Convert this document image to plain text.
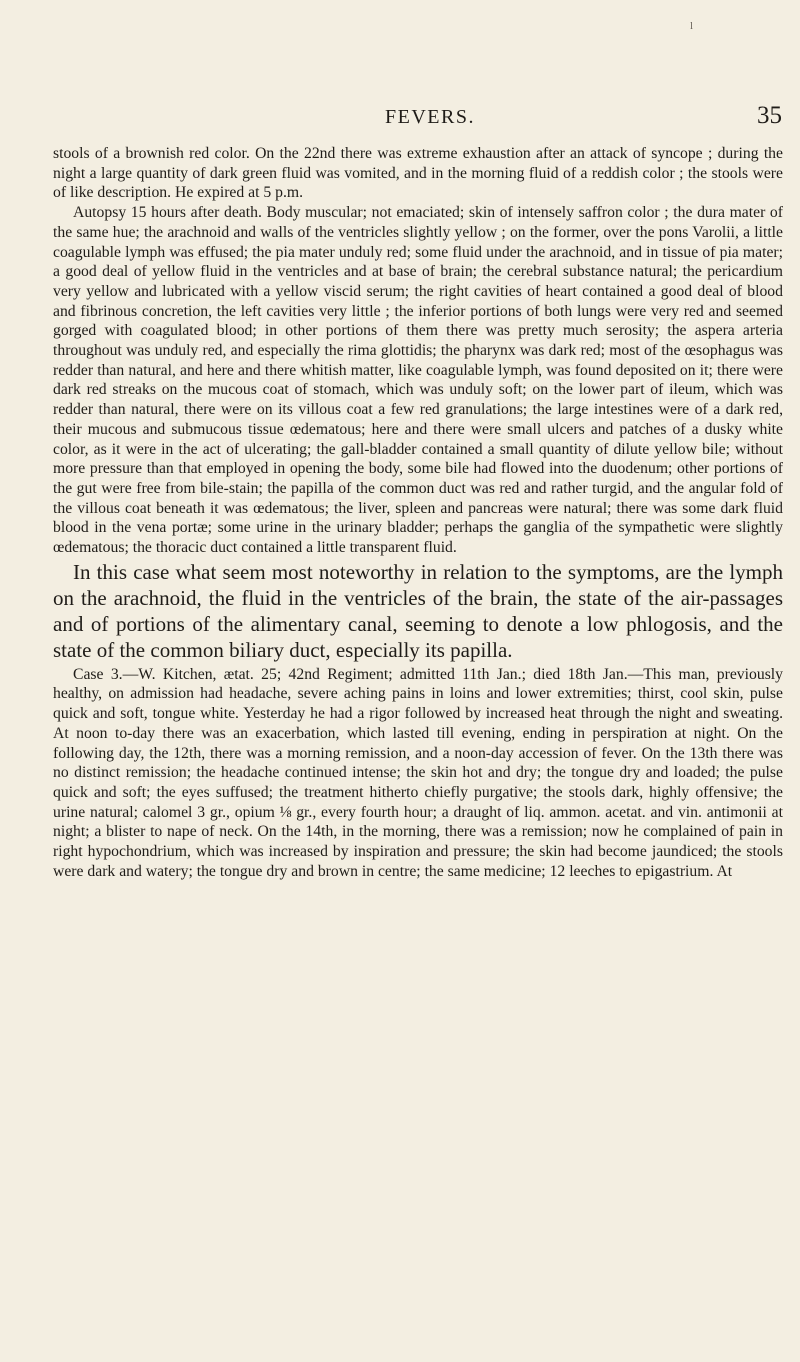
l
FEVERS.	35

stools of a brownish red color. On the 22nd there was extreme exhaustion after an attack of syncope ; during the night a large quantity of dark green fluid was vomited, and in the morning fluid of a reddish color ; the stools were of like description. He expired at 5 p.m.

Autopsy 15 hours after death. Body muscular; not emaciated; skin of intensely saffron color ; the dura mater of the same hue; the arachnoid and walls of the ventricles slightly yellow ; on the former, over the pons Varolii, a little coagulable lymph was effused; the pia mater unduly red; some fluid under the arachnoid, and in tissue of pia mater; a good deal of yellow fluid in the ventricles and at base of brain; the cerebral substance natural; the pericardium very yellow and lubricated with a yellow viscid serum; the right cavities of heart contained a good deal of blood and fibrinous concretion, the left cavities very little ; the inferior portions of both lungs were very red and seemed gorged with coagulated blood; in other portions of them there was pretty much serosity; the aspera arteria throughout was unduly red, and especially the rima glottidis; the pharynx was dark red; most of the œsophagus was redder than natural, and here and there whitish matter, like coagulable lymph, was found deposited on it; there were dark red streaks on the mucous coat of stomach, which was unduly soft; on the lower part of ileum, which was redder than natural, there were on its villous coat a few red granulations; the large intestines were of a dark red, their mucous and submucous tissue œdematous; here and there were small ulcers and patches of a dusky white color, as it were in the act of ulcerating; the gall-bladder contained a small quantity of dilute yellow bile; without more pressure than that employed in opening the body, some bile had flowed into the duodenum; other portions of the gut were free from bile-stain; the papilla of the common duct was red and rather turgid, and the angular fold of the villous coat beneath it was œdematous; the liver, spleen and pancreas were natural; there was some dark fluid blood in the vena portæ; some urine in the urinary bladder; perhaps the ganglia of the sympathetic were slightly œdematous; the thoracic duct contained a little transparent fluid.

In this case what seem most noteworthy in relation to the symptoms, are the lymph on the arachnoid, the fluid in the ventricles of the brain, the state of the air-passages and of portions of the alimentary canal, seeming to denote a low phlogosis, and the state of the common biliary duct, especially its papilla.

Case 3.—W. Kitchen, ætat. 25; 42nd Regiment; admitted 11th Jan.; died 18th Jan.—This man, previously healthy, on admission had headache, severe aching pains in loins and lower extremities; thirst, cool skin, pulse quick and soft, tongue white. Yesterday he had a rigor followed by increased heat through the night and sweating. At noon to-day there was an exacerbation, which lasted till evening, ending in perspiration at night. On the following day, the 12th, there was a morning remission, and a noon-day accession of fever. On the 13th there was no distinct remission; the headache continued intense; the skin hot and dry; the tongue dry and loaded; the pulse quick and soft; the eyes suffused; the treatment hitherto chiefly purgative; the stools dark, highly offensive; the urine natural; calomel 3 gr., opium ⅛ gr., every fourth hour; a draught of liq. ammon. acetat. and vin. antimonii at night; a blister to nape of neck. On the 14th, in the morning, there was a remission; now he complained of pain in right hypochondrium, which was increased by inspiration and pressure; the skin had become jaundiced; the stools were dark and watery; the tongue dry and brown in centre; the same medicine; 12 leeches to epigastrium. At
